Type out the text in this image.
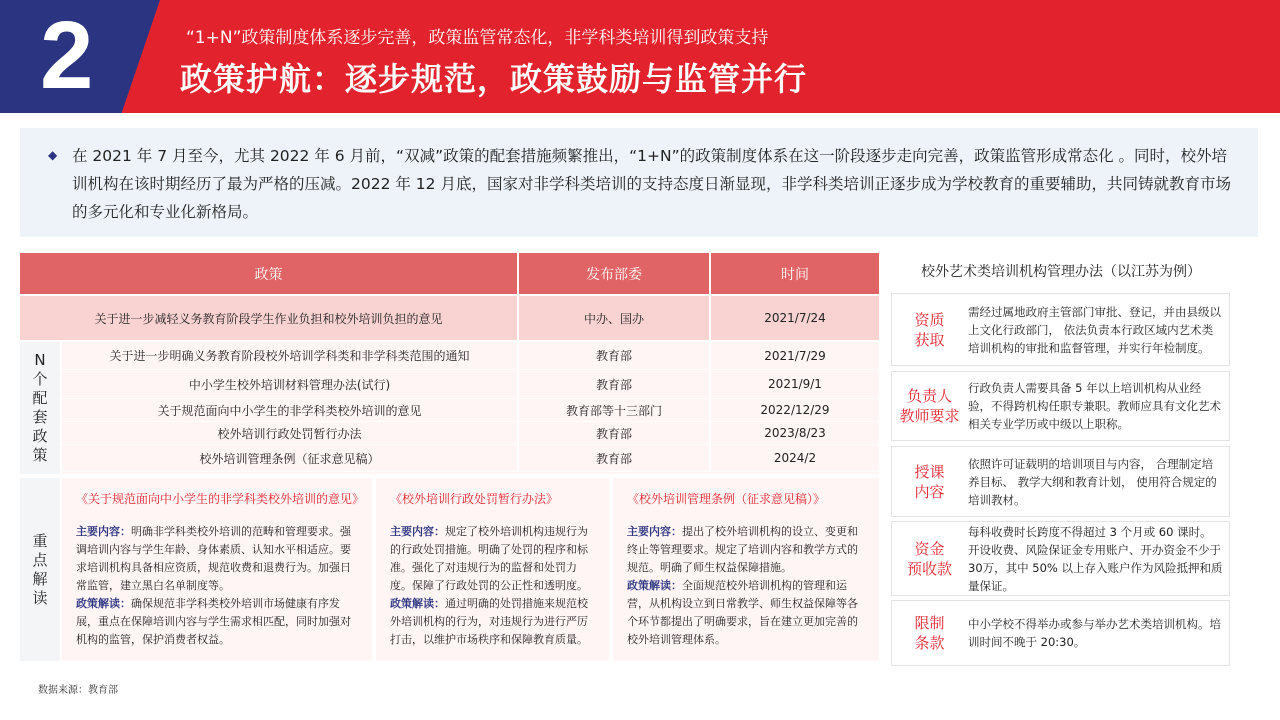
2	“1+N”政策制度体系逐步完善，政策监管常态化，非学科类培训得到政策支持
政策护航：逐步规范，政策鼓励与监管并行
◆ 在 2021 年 7 月至今，尤其 2022 年 6 月前，“双减”政策的配套措施频繁推出，“1+N”的政策制度体系在这一阶段逐步走向完善，政策监管形成常态化 。同时，校外培训机构在该时期经历了最为严格的压减。2022 年 12 月底，国家对非学科类培训的支持态度日渐显现，非学科类培训正逐步成为学校教育的重要辅助，共同铸就教育市场的多元化和专业化新格局。
政策	发布部委	时间
关于进一步减轻义务教育阶段学生作业负担和校外培训负担的意见	中办、国办	2021/7/24
N
个
配
套
政
策
关于进一步明确义务教育阶段校外培训学科类和非学科类范围的通知	教育部	2021/7/29
中小学生校外培训材料管理办法(试行)	教育部	2021/9/1
关于规范面向中小学生的非学科类校外培训的意见	教育部等十三部门	2022/12/29
校外培训行政处罚暂行办法	教育部	2023/8/23
校外培训管理条例（征求意见稿）	教育部	2024/2
重
点
解
读
《关于规范面向中小学生的非学科类校外培训的意见》
主要内容：明确非学科类校外培训的范畴和管理要求。强调培训内容与学生年龄、身体素质、认知水平相适应。要求培训机构具备相应资质，规范收费和退费行为。加强日常监管，建立黑白名单制度等。
政策解读：确保规范非学科类校外培训市场健康有序发展，重点在保障培训内容与学生需求相匹配，同时加强对机构的监管，保护消费者权益。
《校外培训行政处罚暂行办法》
主要内容：规定了校外培训机构违规行为的行政处罚措施。明确了处罚的程序和标准。强化了对违规行为的监督和处罚力度。保障了行政处罚的公正性和透明度。
政策解读：通过明确的处罚措施来规范校外培训机构的行为，对违规行为进行严厉打击，以维护市场秩序和保障教育质量。
《校外培训管理条例（征求意见稿）》
主要内容：提出了校外培训机构的设立、变更和终止等管理要求。规定了培训内容和教学方式的规范。明确了师生权益保障措施。
政策解读：全面规范校外培训机构的管理和运营，从机构设立到日常教学、师生权益保障等各个环节都提出了明确要求，旨在建立更加完善的校外培训管理体系。
校外艺术类培训机构管理办法（以江苏为例）
资质
获取
需经过属地政府主管部门审批、登记，并由县级以上文化行政部门， 依法负责本行政区域内艺术类培训机构的审批和监督管理，并实行年检制度。
负责人
教师要求
行政负责人需要具备 5 年以上培训机构从业经验，不得跨机构任职专兼职。教师应具有文化艺术相关专业学历或中级以上职称。
授课
内容
依照许可证载明的培训项目与内容， 合理制定培养目标、 教学大纲和教育计划， 使用符合规定的培训教材。
资金
预收款
每科收费时长跨度不得超过 3 个月或 60 课时。开设收费、风险保证金专用账户、开办资金不少于30万，其中 50% 以上存入账户作为风险抵押和质量保证。
限制
条款
中小学校不得举办或参与举办艺术类培训机构。培训时间不晚于 20:30。
数据来源：教育部
